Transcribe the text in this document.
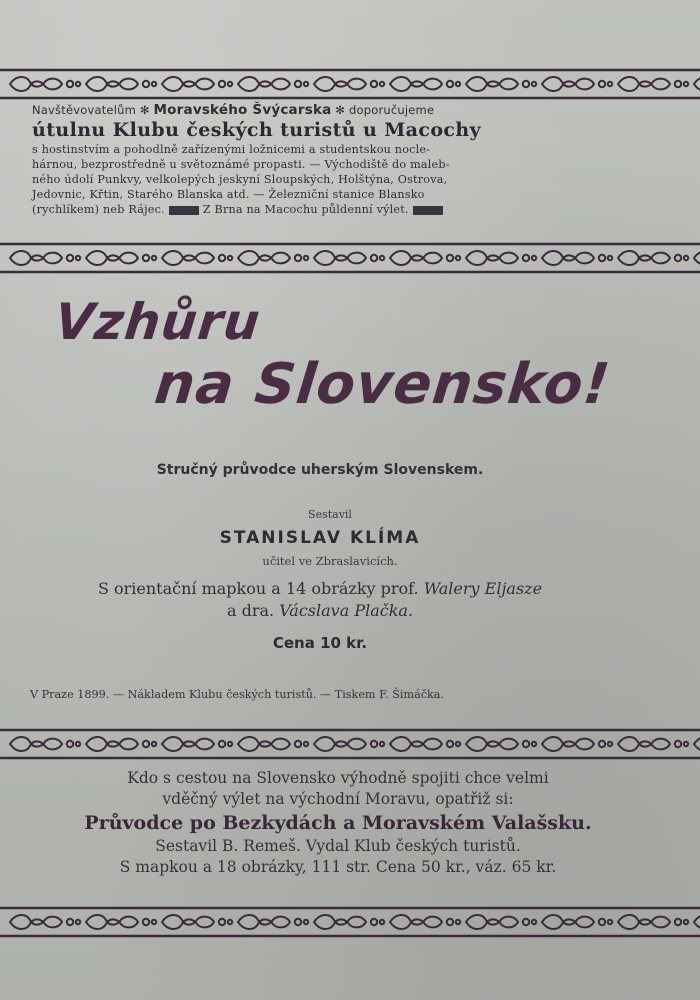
Navštěvovatelům ✻ Moravského Švýcarska ✻ doporučujeme
útulnu Klubu českých turistů u Macochy
s hostinstvím a pohodlně zařízenými ložnicemi a studentskou nocle-
hárnou, bezprostředně u světoznámé propasti. — Východiště do maleb-
ného údolí Punkvy, velkolepých jeskyní Sloupských, Holštýna, Ostrova,
Jedovnic, Křtin, Starého Blanska atd. — Železniční stanice Blansko
(rychlíkem) neb Rájec.	Z Brna na Macochu půldenní výlet.
Vzhůru
na Slovensko!
Stručný průvodce uherským Slovenskem.
Sestavil
STANISLAV KLÍMA
učitel ve Zbraslavicích.
S orientační mapkou a 14 obrázky prof. Walery Eljasze
a dra. Vácslava Plačka.
Cena 10 kr.
V Praze 1899. — Nákladem Klubu českých turistů. — Tiskem F. Šimáčka.
Kdo s cestou na Slovensko výhodně spojiti chce velmi
vděčný výlet na východní Moravu, opatřiž si:
Průvodce po Bezkydách a Moravském Valašsku.
Sestavil B. Remeš. Vydal Klub českých turistů.
S mapkou a 18 obrázky, 111 str. Cena 50 kr., váz. 65 kr.
